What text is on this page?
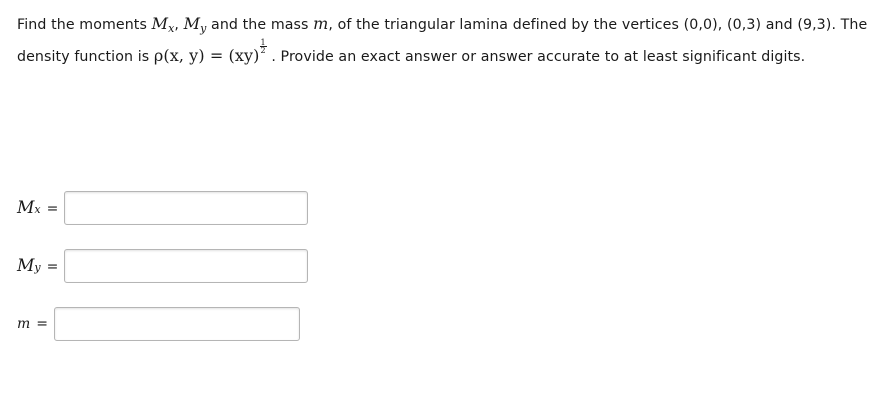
Find the moments $M_x$, $M_y$ and the mass m, of the triangular lamina defined by the vertices (0,0), (0,3) and (9,3). The density function is ρ(x, $y) = (xy) \frac{1}{2}$
. Provide an exact answer or answer accurate to at least significant digits.
M x =
M y =
m =
